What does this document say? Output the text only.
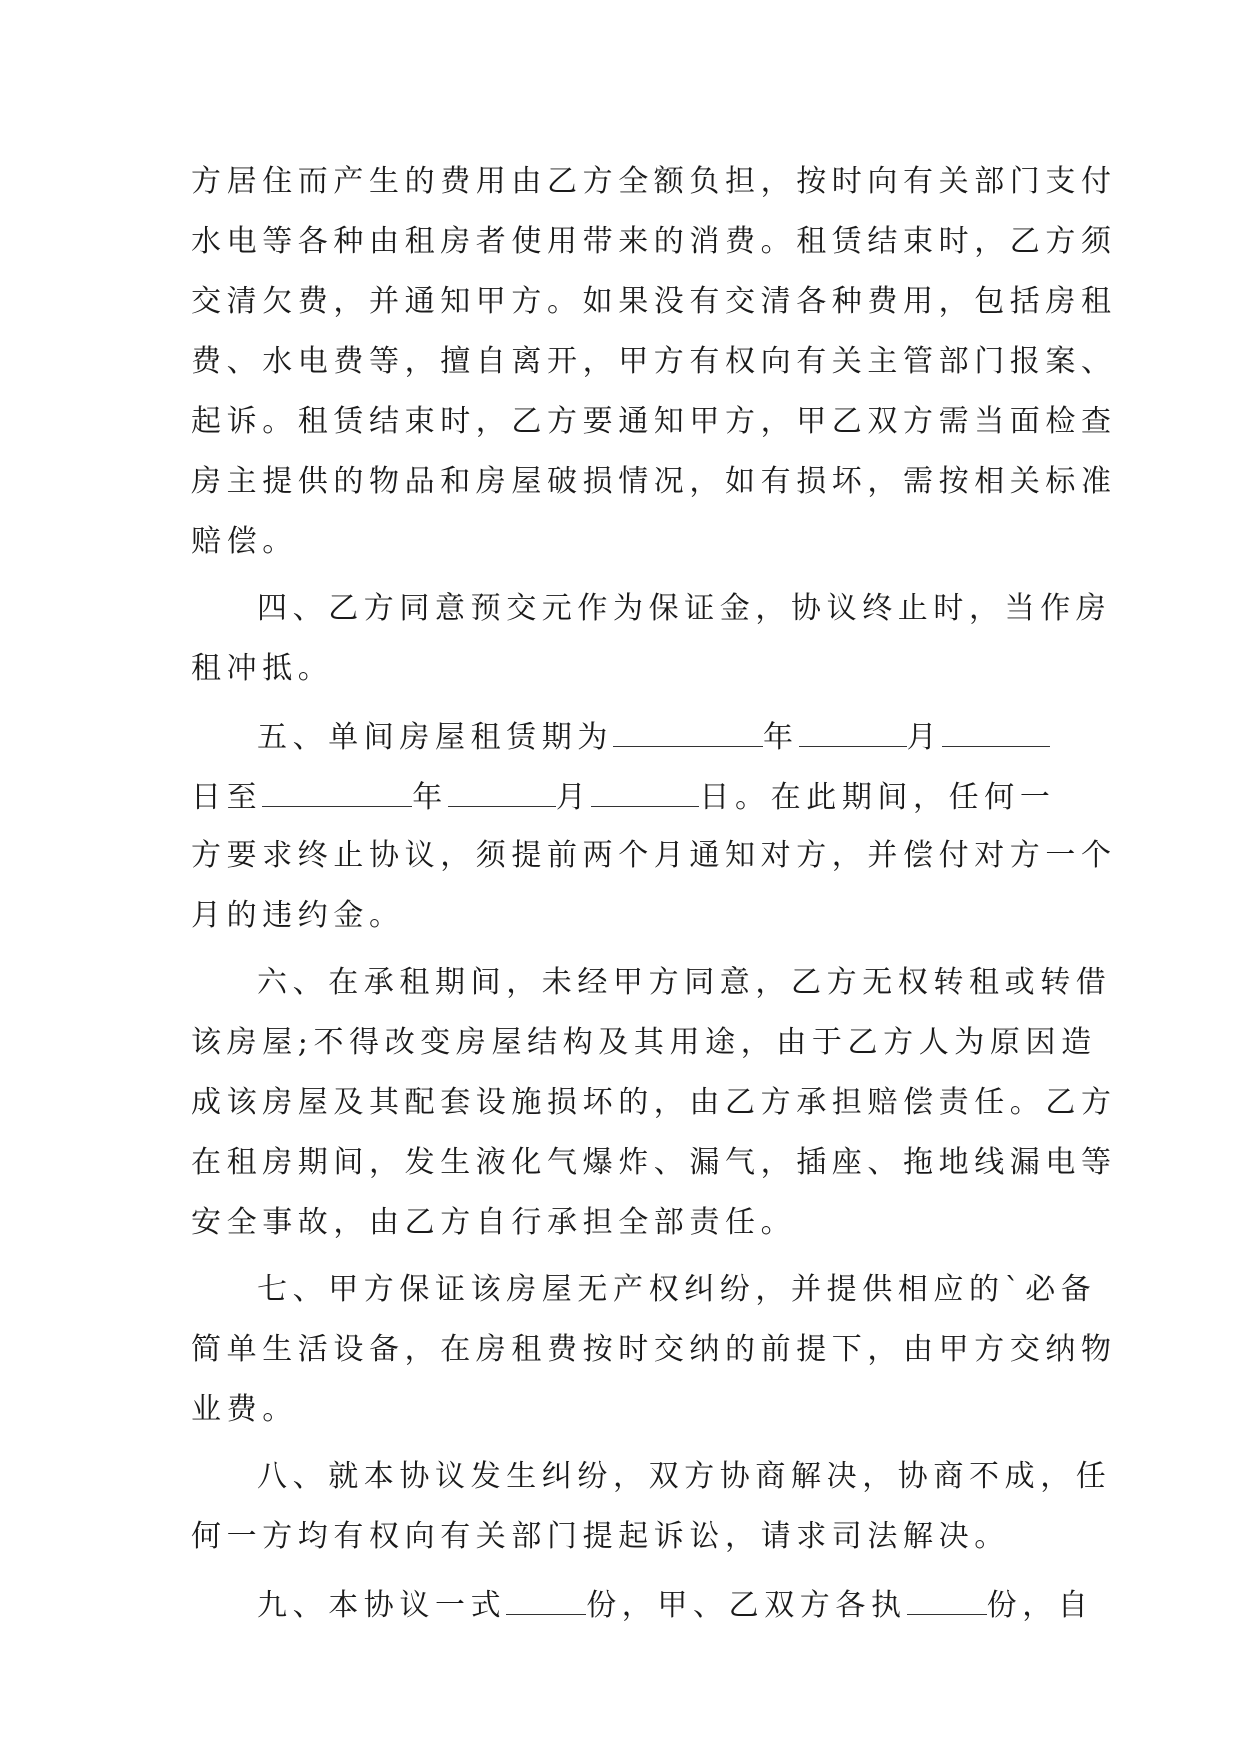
方居住而产生的费用由乙方全额负担，按时向有关部门支付
水电等各种由租房者使用带来的消费。租赁结束时，乙方须
交清欠费，并通知甲方。如果没有交清各种费用，包括房租
费、水电费等，擅自离开，甲方有权向有关主管部门报案、
起诉。租赁结束时，乙方要通知甲方，甲乙双方需当面检查
房主提供的物品和房屋破损情况，如有损坏，需按相关标准
赔偿。
四、乙方同意预交元作为保证金，协议终止时，当作房
租冲抵。
五、单间房屋租赁期为	年	月
日至	年	月	日。在此期间，任何一
方要求终止协议，须提前两个月通知对方，并偿付对方一个
月的违约金。
六、在承租期间，未经甲方同意，乙方无权转租或转借
该房屋;不得改变房屋结构及其用途，由于乙方人为原因造
成该房屋及其配套设施损坏的，由乙方承担赔偿责任。乙方
在租房期间，发生液化气爆炸、漏气，插座、拖地线漏电等
安全事故，由乙方自行承担全部责任。
七、甲方保证该房屋无产权纠纷，并提供相应的`必备
简单生活设备，在房租费按时交纳的前提下，由甲方交纳物
业费。
八、就本协议发生纠纷，双方协商解决，协商不成，任
何一方均有权向有关部门提起诉讼，请求司法解决。
九、本协议一式	份，甲、乙双方各执	份，自
